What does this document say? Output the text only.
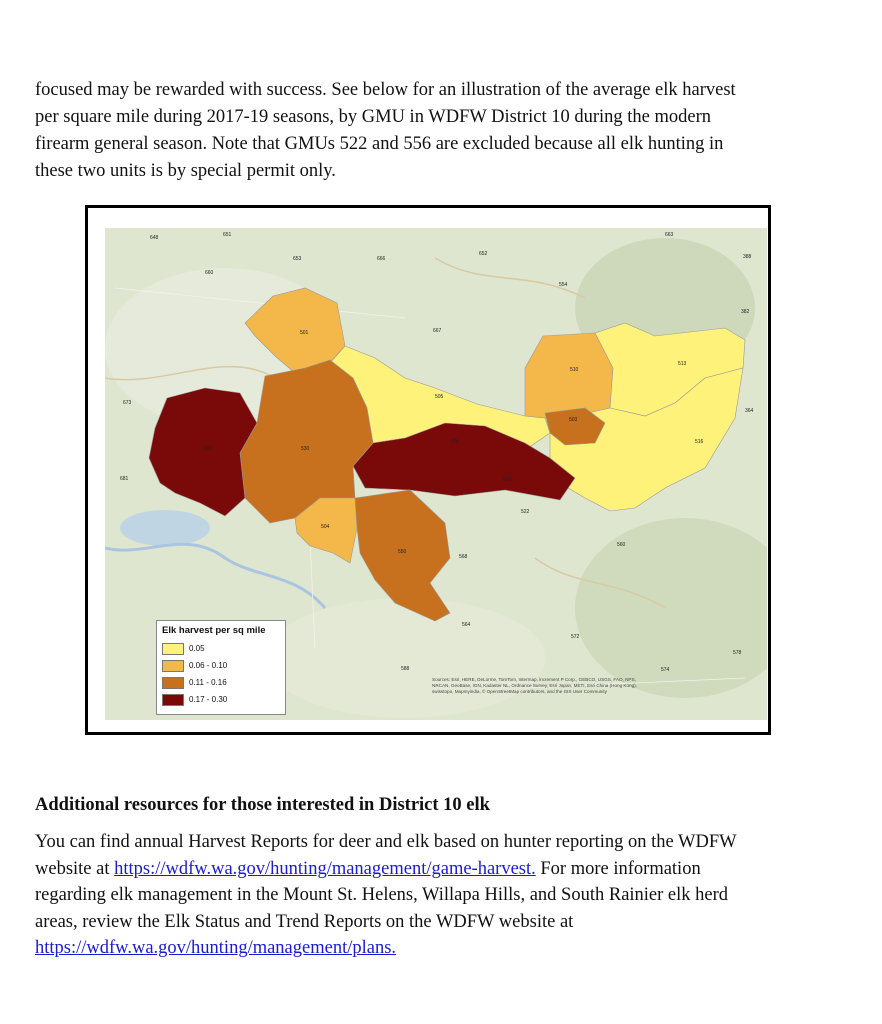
focused may be rewarded with success. See below for an illustration of the average elk harvest
per square mile during 2017-19 seasons, by GMU in WDFW District 10 during the modern
firearm general season. Note that GMUs 522 and 556 are excluded because all elk hunting in
these two units is by special permit only.

501
505
510
513
516
503
506
520	530
504
550
560
522
524
554
564
568
572
574
578
588
653
652
667
666
660
648	651
673
681
382
388
364
663
Elk harvest per sq mile
0.05
0.06 - 0.10
0.11 - 0.16
0.17 - 0.30
Sources: Esri, HERE, DeLorme, TomTom, Intermap, increment P Corp., GEBCO, USGS, FAO, NPS,
NRCAN, GeoBase, IGN, Kadaster NL, Ordnance Survey, Esri Japan, METI, Esri China (Hong Kong),
swisstopo, Mapmyindia, © OpenStreetMap contributors, and the GIS User Community
Additional resources for those interested in District 10 elk

You can find annual Harvest Reports for deer and elk based on hunter reporting on the WDFW
website at https://wdfw.wa.gov/hunting/management/game-harvest. For more information
regarding elk management in the Mount St. Helens, Willapa Hills, and South Rainier elk herd
areas, review the Elk Status and Trend Reports on the WDFW website at
https://wdfw.wa.gov/hunting/management/plans.
